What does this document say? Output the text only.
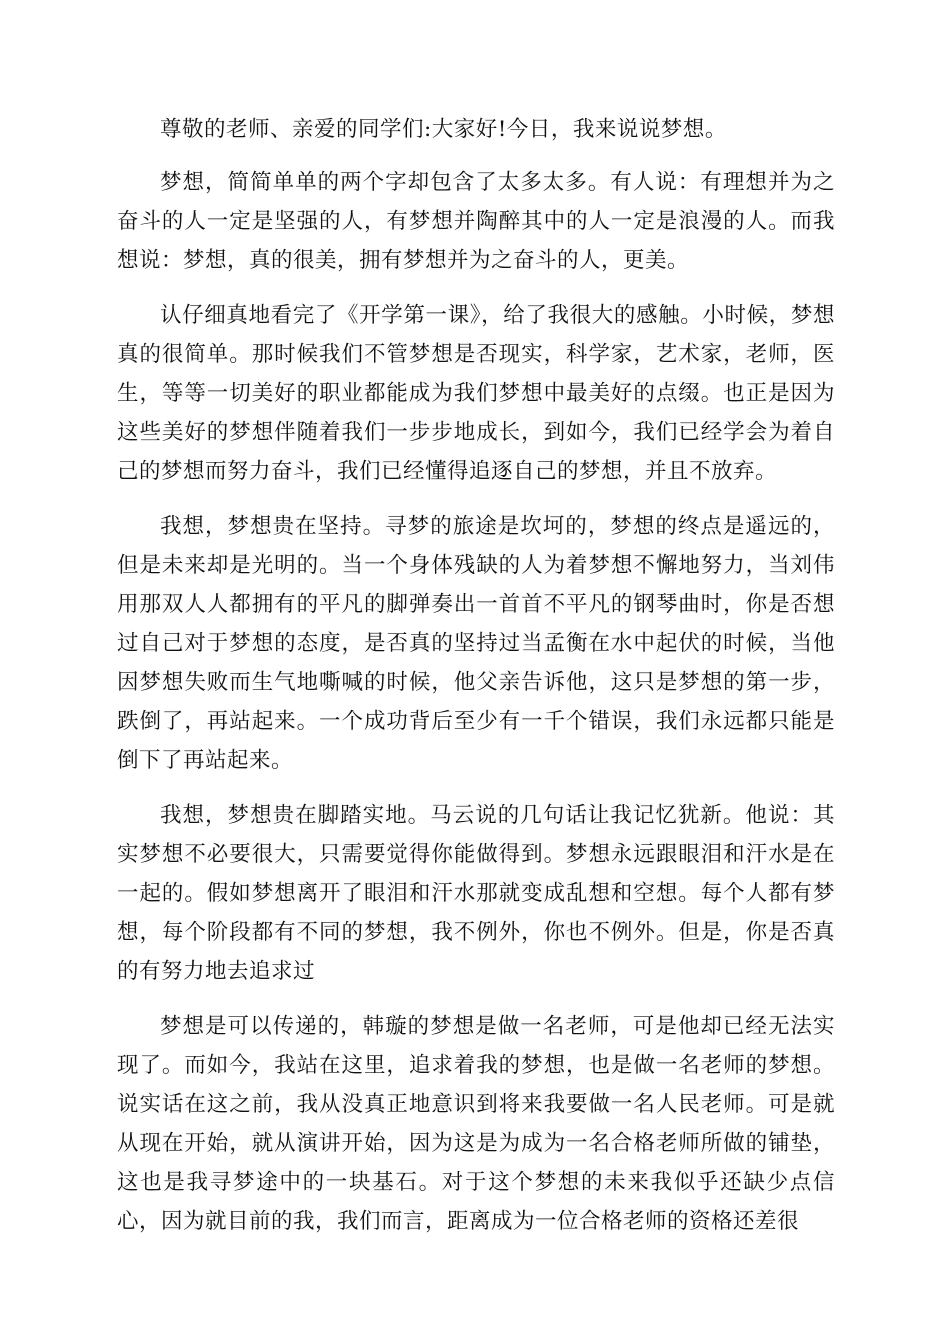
尊敬的老师、亲爱的同学们:大家好!今日，我来说说梦想。

梦想，简简单单的两个字却包含了太多太多。有人说：有理想并为之奋斗的人一定是坚强的人，有梦想并陶醉其中的人一定是浪漫的人。而我想说：梦想，真的很美，拥有梦想并为之奋斗的人，更美。

认仔细真地看完了《开学第一课》，给了我很大的感触。小时候，梦想真的很简单。那时候我们不管梦想是否现实，科学家，艺术家，老师，医生，等等一切美好的职业都能成为我们梦想中最美好的点缀。也正是因为这些美好的梦想伴随着我们一步步地成长，到如今，我们已经学会为着自己的梦想而努力奋斗，我们已经懂得追逐自己的梦想，并且不放弃。

我想，梦想贵在坚持。寻梦的旅途是坎坷的，梦想的终点是遥远的，但是未来却是光明的。当一个身体残缺的人为着梦想不懈地努力，当刘伟用那双人人都拥有的平凡的脚弹奏出一首首不平凡的钢琴曲时，你是否想过自己对于梦想的态度，是否真的坚持过当孟衡在水中起伏的时候，当他因梦想失败而生气地嘶喊的时候，他父亲告诉他，这只是梦想的第一步，跌倒了，再站起来。一个成功背后至少有一千个错误，我们永远都只能是倒下了再站起来。

我想，梦想贵在脚踏实地。马云说的几句话让我记忆犹新。他说：其实梦想不必要很大，只需要觉得你能做得到。梦想永远跟眼泪和汗水是在一起的。假如梦想离开了眼泪和汗水那就变成乱想和空想。每个人都有梦想，每个阶段都有不同的梦想，我不例外，你也不例外。但是，你是否真的有努力地去追求过

梦想是可以传递的，韩璇的梦想是做一名老师，可是他却已经无法实现了。而如今，我站在这里，追求着我的梦想，也是做一名老师的梦想。说实话在这之前，我从没真正地意识到将来我要做一名人民老师。可是就从现在开始，就从演讲开始，因为这是为成为一名合格老师所做的铺垫，这也是我寻梦途中的一块基石。对于这个梦想的未来我似乎还缺少点信心，因为就目前的我，我们而言，距离成为一位合格老师的资格还差很
